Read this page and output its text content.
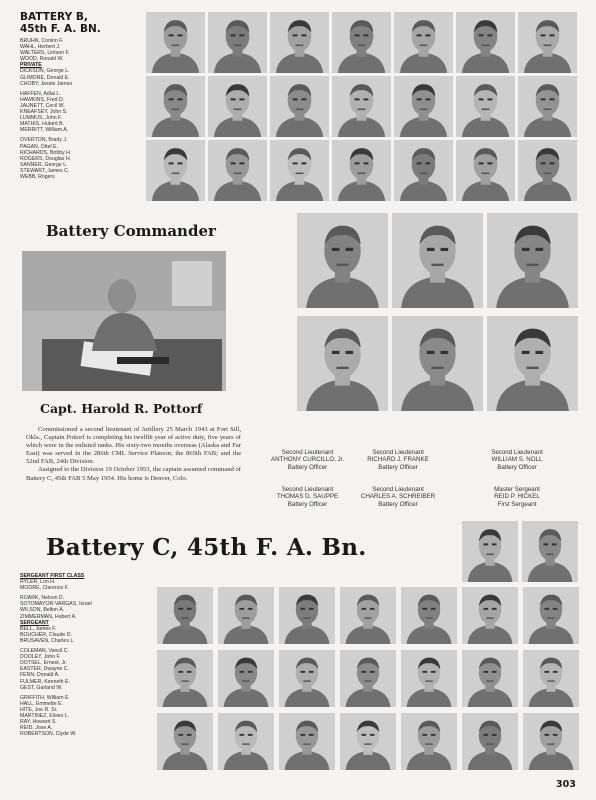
BATTERY B,
45th F. A. BN.
BRUHN, Conlon F.
WAHL, Herbert J.
WALTERS, Lintson F.
WOOD, Ronald W.
PRIVATE
DICKSON, George L.
GLIMORE, Donald E.
CHOBY, Jessie James
HAFFEN, Adlai L.
HAWKINS, Fred D.
JAUNETT, Cecil W.
KNEAFSEY, John S.
LUMMUS, John F.
MATHIS, Hubert B.
MERRITT, William A.
OVERTON, Brady J.
PAGAN, Ottel E.
RICHARDS, Bobby H.
ROGERS, Douglas H.
SANNER, George L.
STEWART, James C.
WEBB, Rogers
Battery Commander
Capt. Harold R. Pottorf
Commissioned a second lieutenant of Artillery 25 March 1943 at Fort Sill, Okla., Captain Pottorf is completing his twelfth year of active duty, five years of which were in the enlisted ranks. His sixty-two months overseas (Alaska and Far East) was served in the 286th CML Service Platoon; the 865th FAB; and the 52nd FAB, 24th Division.
Assigned to the Division 19 October 1953, the captain assumed command of Battery C, 45th FAB 5 May 1954. His home is Denver, Colo.
Second Lieutenant
ANTHONY CURCILLO, Jr.
Battery Officer
Second Lieutenant
RICHARD J. FRANKE
Battery Officer
Second Lieutenant
WILLIAM S. NOLL
Battery Officer
Second Lieutenant
THOMAS D. SAUPPE
Battery Officer
Second Lieutenant
CHARLES A. SCHREIBER
Battery Officer
Master Sergeant
REID P. HICKEL
First Sergeant
Battery C, 45th F. A. Bn.
SERGEANT FIRST CLASS
RYLER, Lon H.
MOORE, Clarence F.
ROARK, Nelson D.
SOTOMAYOR-VARGAS, Israel
WILSON, Belton A.
ZIMMERMAN, Hubert A.
SERGEANT
BELL, James F.
BOUCHER, Claude D.
BRUSAVEN, Charles L.
COLEMAN, Vancil C.
DOOLEY, John F.
DOTSEL, Ernest, Jr.
EASTER, Dwayne C.
FENN, Donald A.
FULMER, Kenneth E.
GEST, Garland W.
GRIFFITH, William E.
HALL, Emmette E.
HITE, Joe R. Sr.
MARTINEZ, Eliseo L.
RAY, Howard S.
REID, Jose A.
ROBERTSON, Clyde W.
303
